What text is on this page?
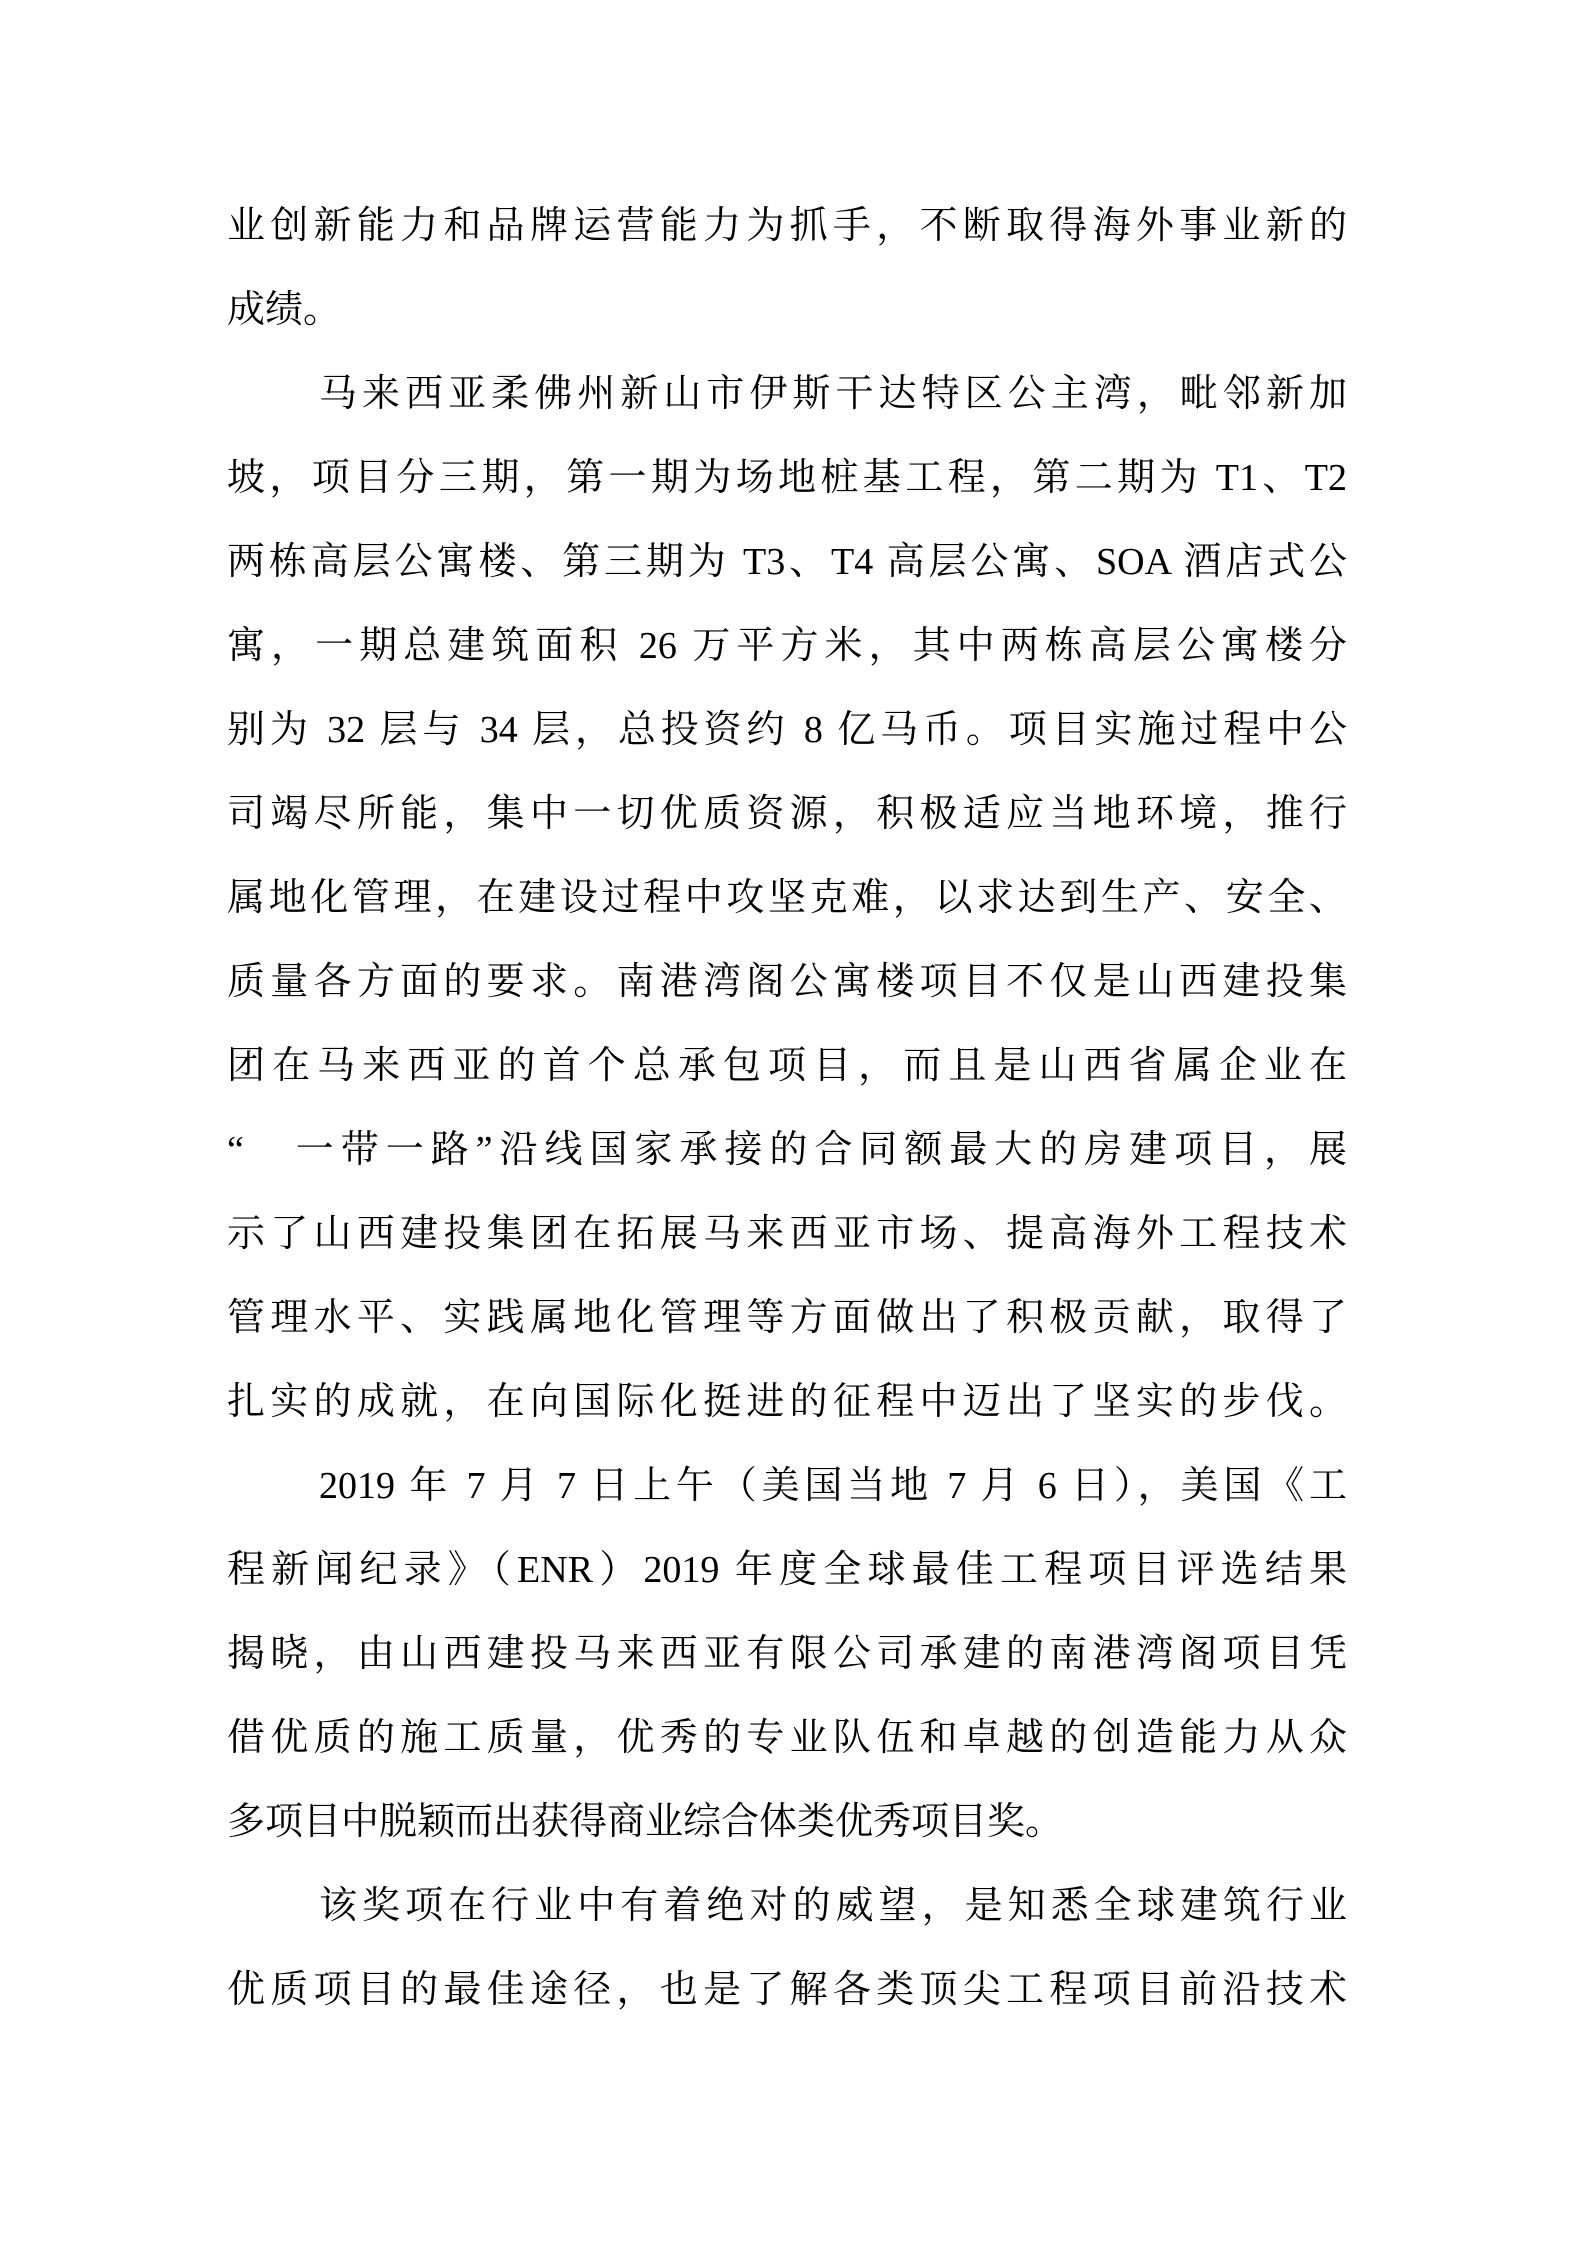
业创新能力和品牌运营能力为抓手，不断取得海外事业新的
成绩。
马来西亚柔佛州新山市伊斯干达特区公主湾，毗邻新加
坡，项目分三期，第一期为场地桩基工程，第二期为 T1、T2
两栋高层公寓楼、第三期为 T3、T4 高层公寓、SOA 酒店式公
寓，一期总建筑面积 26 万平方米，其中两栋高层公寓楼分
别为 32 层与 34 层，总投资约 8 亿马币。项目实施过程中公
司竭尽所能，集中一切优质资源，积极适应当地环境，推行
属地化管理，在建设过程中攻坚克难，以求达到生产、安全、
质量各方面的要求。南港湾阁公寓楼项目不仅是山西建投集
团在马来西亚的首个总承包项目，而且是山西省属企业在
“　一带一路”沿线国家承接的合同额最大的房建项目，展
示了山西建投集团在拓展马来西亚市场、提高海外工程技术
管理水平、实践属地化管理等方面做出了积极贡献，取得了
扎实的成就，在向国际化挺进的征程中迈出了坚实的步伐。
2019 年 7 月 7 日上午（美国当地 7 月 6 日），美国《工
程新闻纪录》（ENR）2019 年度全球最佳工程项目评选结果
揭晓，由山西建投马来西亚有限公司承建的南港湾阁项目凭
借优质的施工质量，优秀的专业队伍和卓越的创造能力从众
多项目中脱颖而出获得商业综合体类优秀项目奖。
该奖项在行业中有着绝对的威望，是知悉全球建筑行业
优质项目的最佳途径，也是了解各类顶尖工程项目前沿技术
